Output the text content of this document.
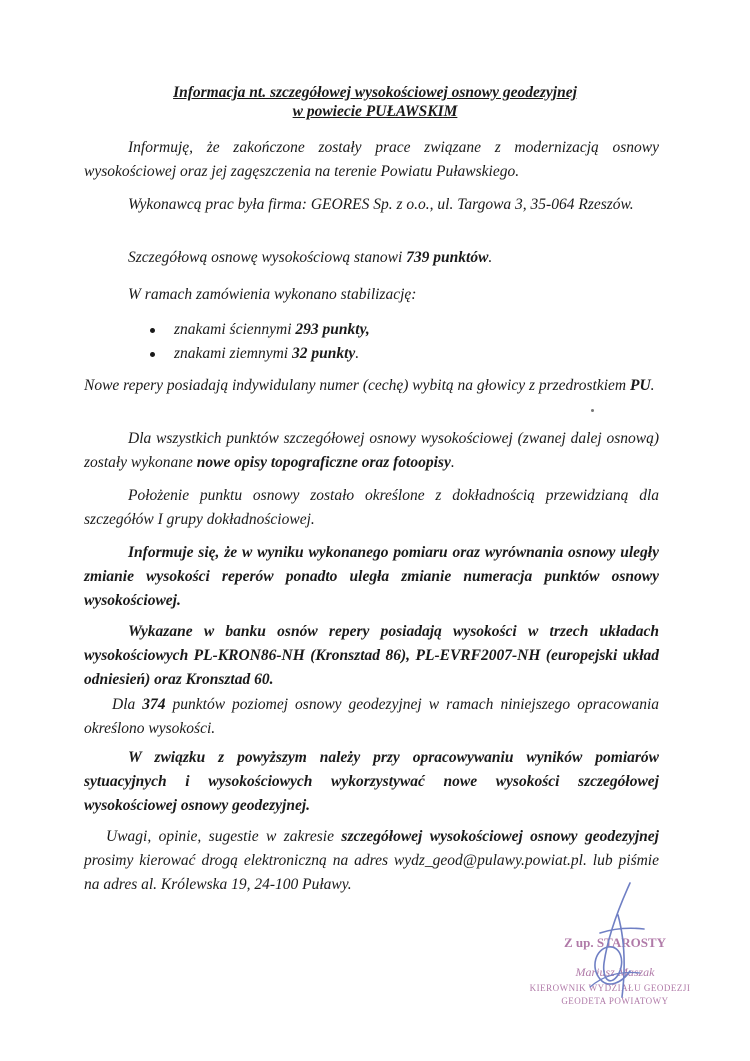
Informacja nt. szczegółowej wysokościowej osnowy geodezyjnej
w powiecie PUŁAWSKIM

Informuję, że zakończone zostały prace związane z modernizacją osnowy wysokościowej oraz jej zagęszczenia na terenie Powiatu Puławskiego.

Wykonawcą prac była firma: GEORES Sp. z o.o., ul. Targowa 3, 35-064 Rzeszów.

Szczegółową osnowę wysokościową stanowi 739 punktów.

W ramach zamówienia wykonano stabilizację:

znakami ściennymi 293 punkty,
znakami ziemnymi 32 punkty.

Nowe repery posiadają indywidulany numer (cechę) wybitą na głowicy z przedrostkiem PU.

Dla wszystkich punktów szczegółowej osnowy wysokościowej (zwanej dalej osnową) zostały wykonane nowe opisy topograficzne oraz fotoopisy.

Położenie punktu osnowy zostało określone z dokładnością przewidzianą dla szczegółów I grupy dokładnościowej.

Informuje się, że w wyniku wykonanego pomiaru oraz wyrównania osnowy uległy zmianie wysokości reperów ponadto uległa zmianie numeracja punktów osnowy wysokościowej.

Wykazane w banku osnów repery posiadają wysokości w trzech układach wysokościowych PL-KRON86-NH (Kronsztad 86), PL-EVRF2007-NH (europejski układ odniesień) oraz Kronsztad 60.

Dla 374 punktów poziomej osnowy geodezyjnej w ramach niniejszego opracowania określono wysokości.

W związku z powyższym należy przy opracowywaniu wyników pomiarów sytuacyjnych i wysokościowych wykorzystywać nowe wysokości szczegółowej wysokościowej osnowy geodezyjnej.

Uwagi, opinie, sugestie w zakresie szczegółowej wysokościowej osnowy geodezyjnej prosimy kierować drogą elektroniczną na adres wydz_geod@pulawy.powiat.pl. lub piśmie na adres al. Królewska 19, 24-100 Puławy.

Z up. STAROSTY
Mariusz Maszak
KIEROWNIK WYDZIAŁU GEODEZJI
GEODETA POWIATOWY
